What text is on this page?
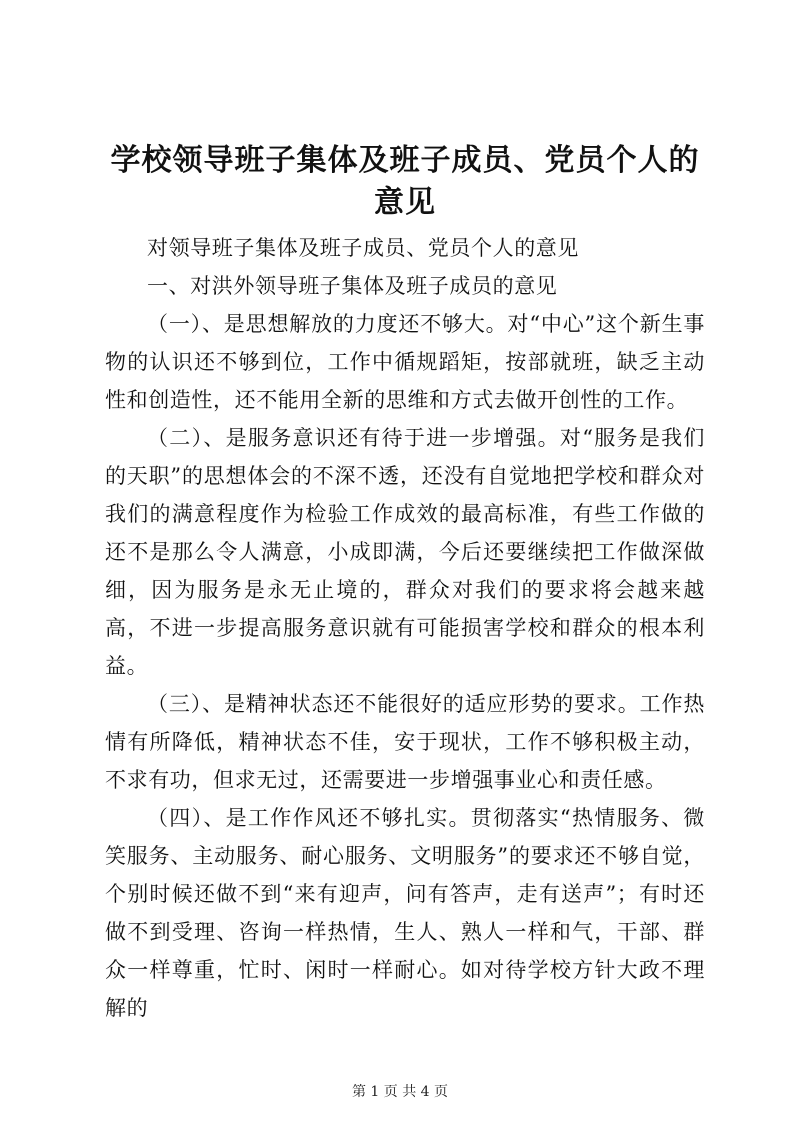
学校领导班子集体及班子成员、党员个人的意见

对领导班子集体及班子成员、党员个人的意见

一、对洪外领导班子集体及班子成员的意见

（一）、是思想解放的力度还不够大。对“中心”这个新生事物的认识还不够到位，工作中循规蹈矩，按部就班，缺乏主动性和创造性，还不能用全新的思维和方式去做开创性的工作。

（二）、是服务意识还有待于进一步增强。对“服务是我们的天职”的思想体会的不深不透，还没有自觉地把学校和群众对我们的满意程度作为检验工作成效的最高标准，有些工作做的还不是那么令人满意，小成即满，今后还要继续把工作做深做细，因为服务是永无止境的，群众对我们的要求将会越来越高，不进一步提高服务意识就有可能损害学校和群众的根本利益。

（三）、是精神状态还不能很好的适应形势的要求。工作热情有所降低，精神状态不佳，安于现状，工作不够积极主动，不求有功，但求无过，还需要进一步增强事业心和责任感。

（四）、是工作作风还不够扎实。贯彻落实“热情服务、微笑服务、主动服务、耐心服务、文明服务”的要求还不够自觉，个别时候还做不到“来有迎声，问有答声，走有送声”；有时还做不到受理、咨询一样热情，生人、熟人一样和气，干部、群众一样尊重，忙时、闲时一样耐心。如对待学校方针大政不理解的

第 1 页 共 4 页
